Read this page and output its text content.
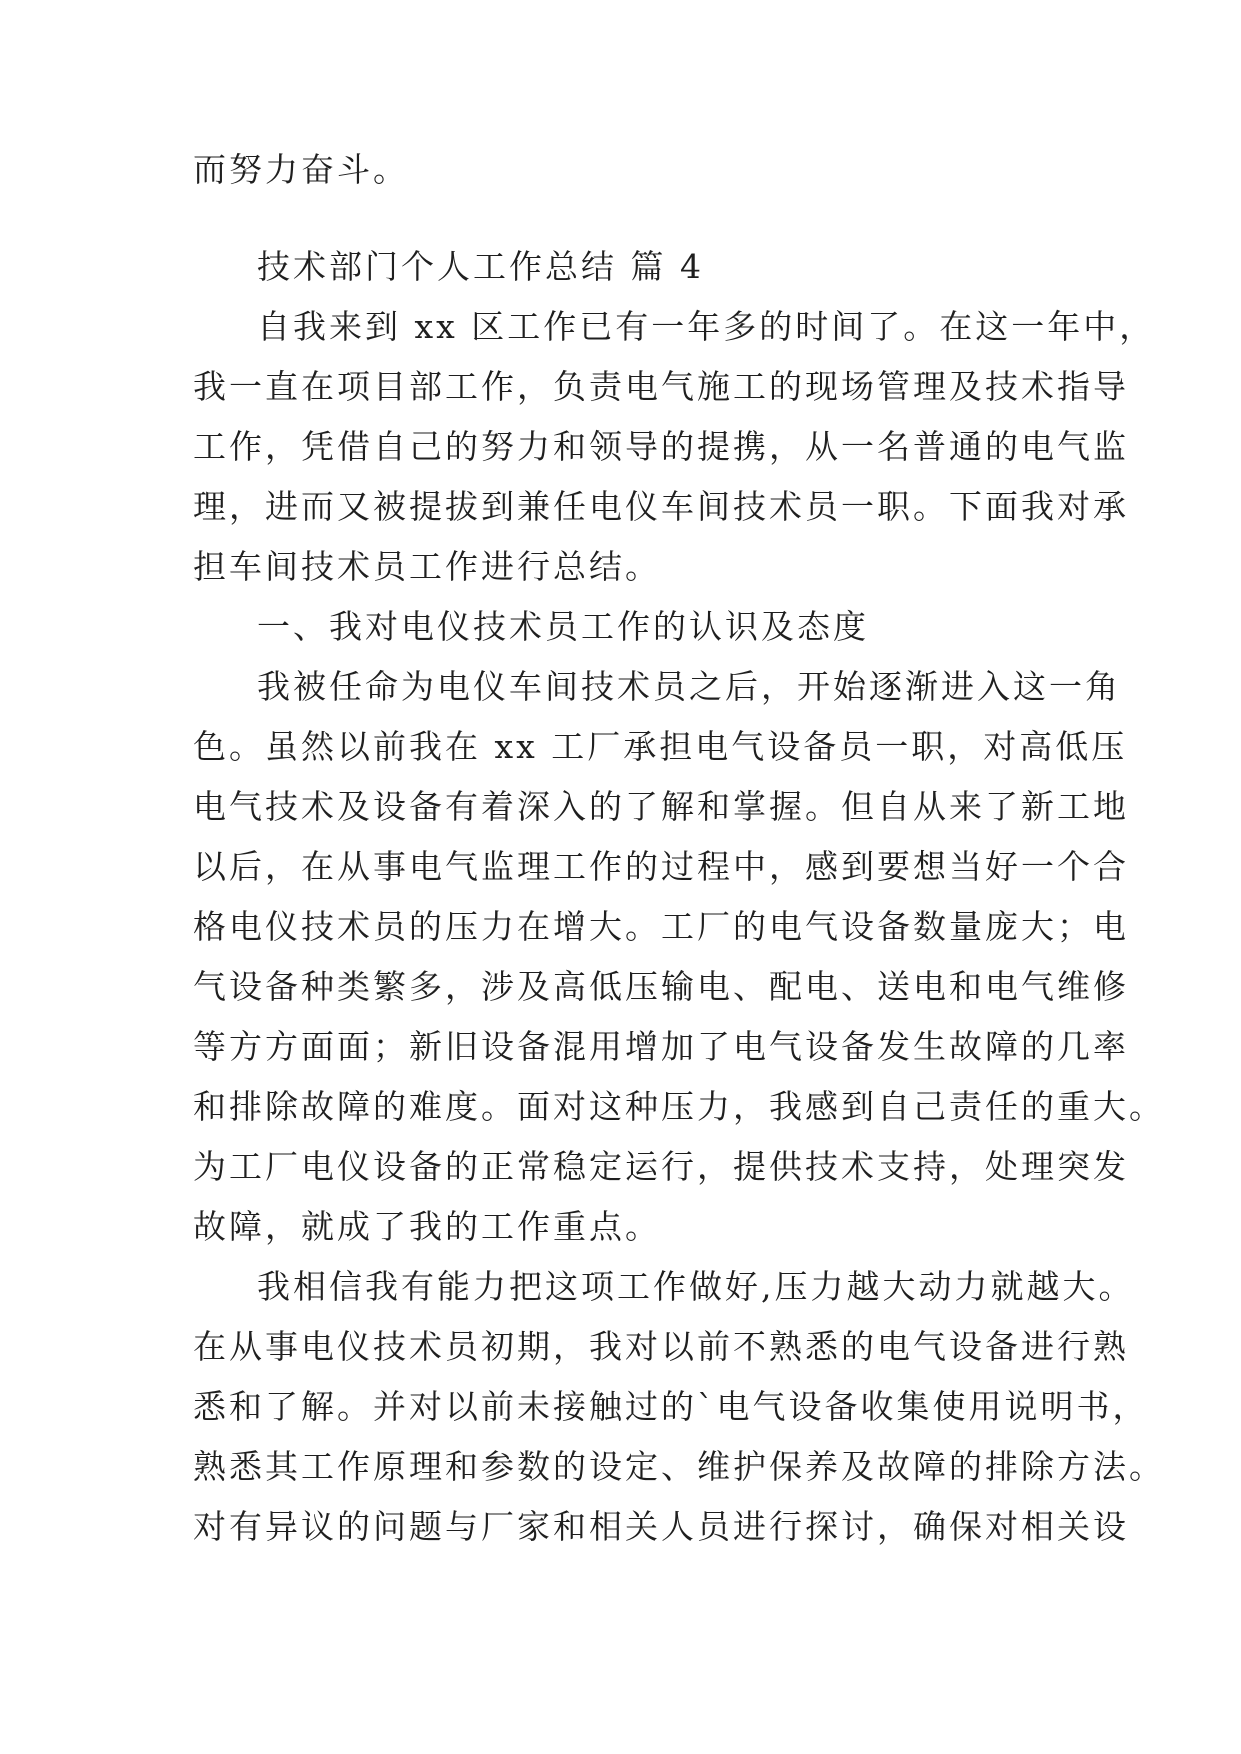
而努力奋斗。
技术部门个人工作总结 篇 4
自我来到 xx 区工作已有一年多的时间了。在这一年中，
我一直在项目部工作，负责电气施工的现场管理及技术指导
工作，凭借自己的努力和领导的提携，从一名普通的电气监
理，进而又被提拔到兼任电仪车间技术员一职。下面我对承
担车间技术员工作进行总结。
一、我对电仪技术员工作的认识及态度
我被任命为电仪车间技术员之后，开始逐渐进入这一角
色。虽然以前我在 xx 工厂承担电气设备员一职，对高低压
电气技术及设备有着深入的了解和掌握。但自从来了新工地
以后，在从事电气监理工作的过程中，感到要想当好一个合
格电仪技术员的压力在增大。工厂的电气设备数量庞大；电
气设备种类繁多，涉及高低压输电、配电、送电和电气维修
等方方面面；新旧设备混用增加了电气设备发生故障的几率
和排除故障的难度。面对这种压力，我感到自己责任的重大。
为工厂电仪设备的正常稳定运行，提供技术支持，处理突发
故障，就成了我的工作重点。
我相信我有能力把这项工作做好,压力越大动力就越大。
在从事电仪技术员初期，我对以前不熟悉的电气设备进行熟
悉和了解。并对以前未接触过的`电气设备收集使用说明书，
熟悉其工作原理和参数的设定、维护保养及故障的排除方法。
对有异议的问题与厂家和相关人员进行探讨，确保对相关设
